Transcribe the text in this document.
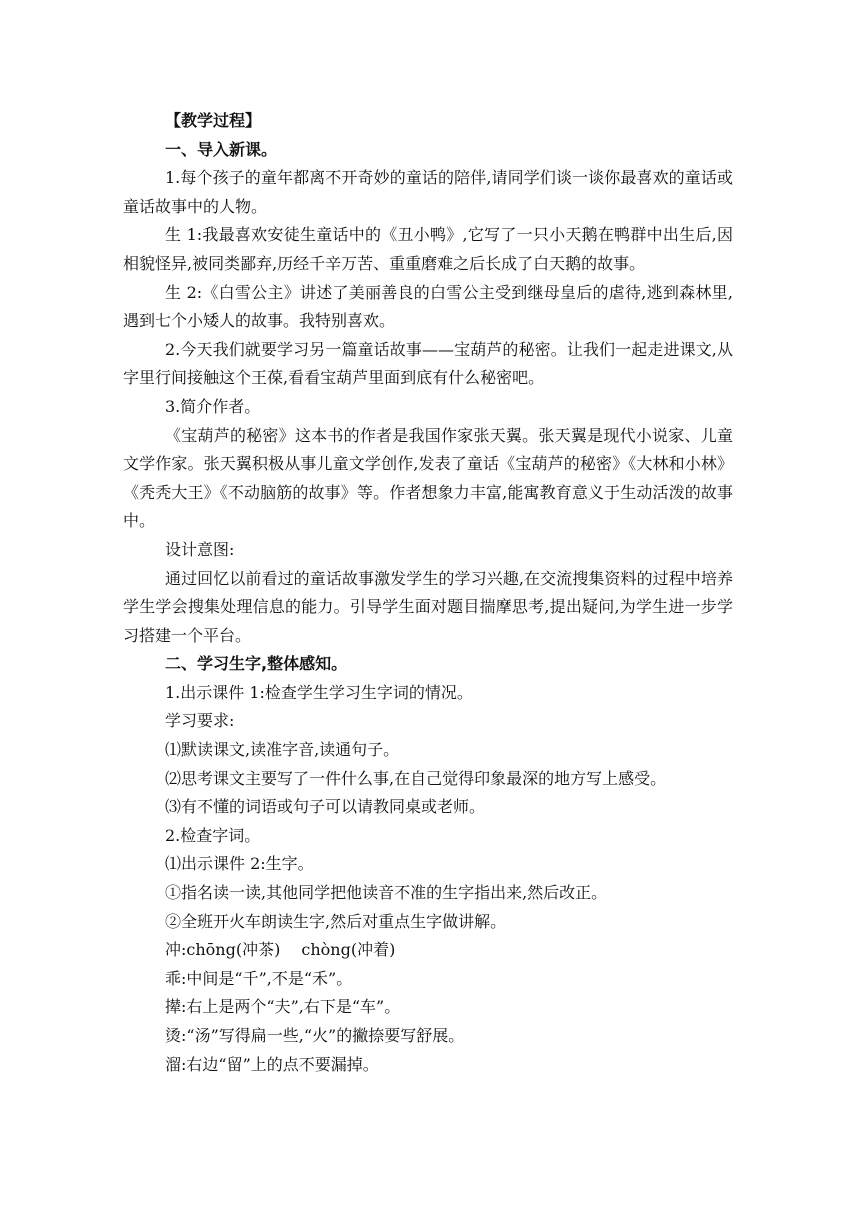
【教学过程】

一、导入新课。

1.每个孩子的童年都离不开奇妙的童话的陪伴,请同学们谈一谈你最喜欢的童话或童话故事中的人物。

生 1:我最喜欢安徒生童话中的《丑小鸭》,它写了一只小天鹅在鸭群中出生后,因相貌怪异,被同类鄙弃,历经千辛万苦、重重磨难之后长成了白天鹅的故事。

生 2:《白雪公主》讲述了美丽善良的白雪公主受到继母皇后的虐待,逃到森林里,遇到七个小矮人的故事。我特别喜欢。

2.今天我们就要学习另一篇童话故事——宝葫芦的秘密。让我们一起走进课文,从字里行间接触这个王葆,看看宝葫芦里面到底有什么秘密吧。

3.简介作者。

《宝葫芦的秘密》这本书的作者是我国作家张天翼。张天翼是现代小说家、儿童文学作家。张天翼积极从事儿童文学创作,发表了童话《宝葫芦的秘密》《大林和小林》《秃秃大王》《不动脑筋的故事》等。作者想象力丰富,能寓教育意义于生动活泼的故事中。

设计意图:

通过回忆以前看过的童话故事激发学生的学习兴趣,在交流搜集资料的过程中培养学生学会搜集处理信息的能力。引导学生面对题目揣摩思考,提出疑问,为学生进一步学习搭建一个平台。

二、学习生字,整体感知。

1.出示课件 1:检查学生学习生字词的情况。

学习要求:

⑴默读课文,读准字音,读通句子。

⑵思考课文主要写了一件什么事,在自己觉得印象最深的地方写上感受。

⑶有不懂的词语或句子可以请教同桌或老师。

2.检查字词。

⑴出示课件 2:生字。

①指名读一读,其他同学把他读音不准的生字指出来,然后改正。

②全班开火车朗读生字,然后对重点生字做讲解。

冲:chōng(冲茶)　 chòng(冲着)

乖:中间是“千”,不是“禾”。

撵:右上是两个“夫”,右下是“车”。

烫:“汤”写得扁一些,“火”的撇捺要写舒展。

溜:右边“留”上的点不要漏掉。
